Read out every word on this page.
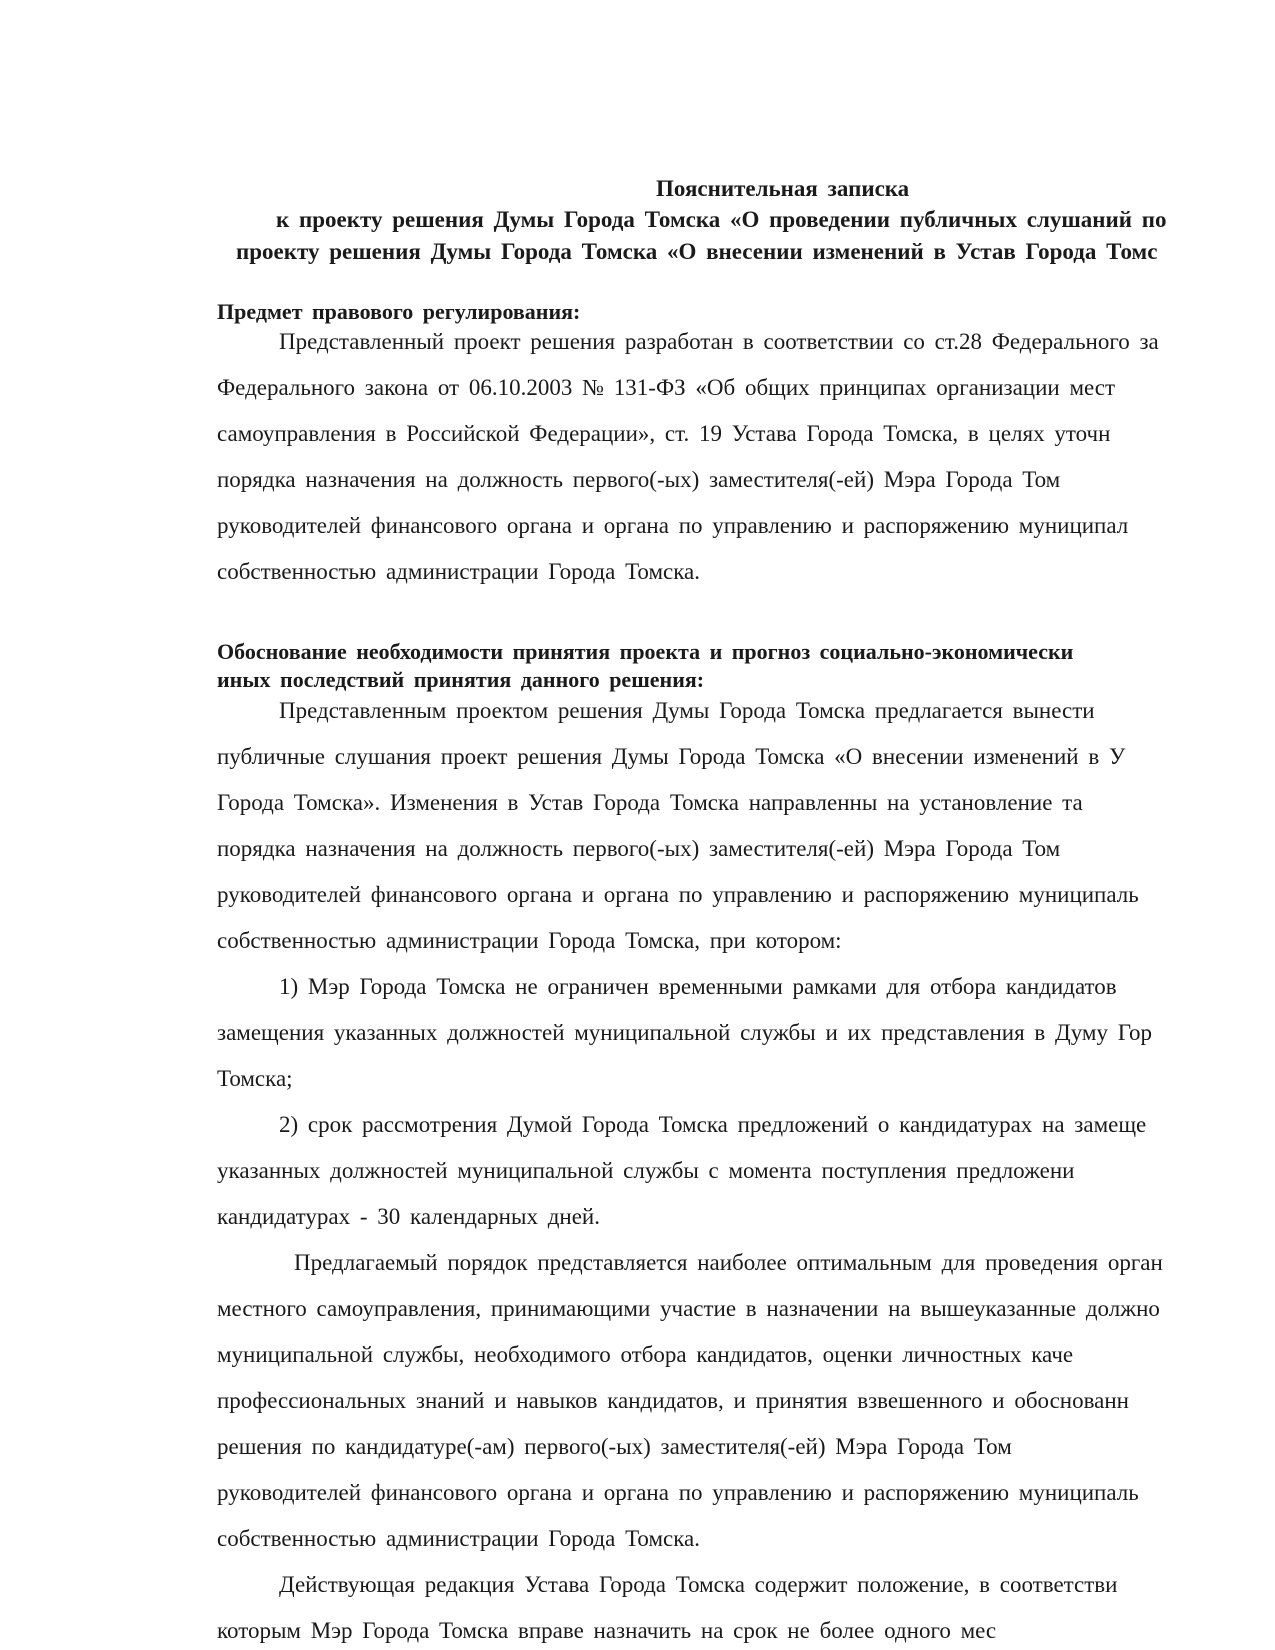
Пояснительная записка
к проекту решения Думы Города Томска «О проведении публичных слушаний по
проекту решения Думы Города Томска «О внесении изменений в Устав Города Томс
Предмет правового регулирования:
Представленный проект решения разработан в соответствии со ст.28 Федерального за
Федерального закона от 06.10.2003 № 131-ФЗ «Об общих принципах организации мест
самоуправления в Российской Федерации», ст. 19 Устава Города Томска, в целях уточн
порядка назначения на должность первого(-ых) заместителя(-ей) Мэра Города Том
руководителей финансового органа и органа по управлению и распоряжению муниципал
собственностью администрации Города Томска.
Обоснование необходимости принятия проекта и прогноз социально-экономически
иных последствий принятия данного решения:
Представленным проектом решения Думы Города Томска предлагается вынести
публичные слушания проект решения Думы Города Томска «О внесении изменений в У
Города Томска». Изменения в Устав Города Томска направленны на установление та
порядка назначения на должность первого(-ых) заместителя(-ей) Мэра Города Том
руководителей финансового органа и органа по управлению и распоряжению муниципаль
собственностью администрации Города Томска, при котором:
1) Мэр Города Томска не ограничен временными рамками для отбора кандидатов
замещения указанных должностей муниципальной службы и их представления в Думу Гор
Томска;
2) срок рассмотрения Думой Города Томска предложений о кандидатурах на замеще
указанных должностей муниципальной службы с момента поступления предложени
кандидатурах - 30 календарных дней.
Предлагаемый порядок представляется наиболее оптимальным для проведения орган
местного самоуправления, принимающими участие в назначении на вышеуказанные должно
муниципальной службы, необходимого отбора кандидатов, оценки личностных каче
профессиональных знаний и навыков кандидатов, и принятия взвешенного и обоснованн
решения по кандидатуре(-ам) первого(-ых) заместителя(-ей) Мэра Города Том
руководителей финансового органа и органа по управлению и распоряжению муниципаль
собственностью администрации Города Томска.
Действующая редакция Устава Города Томска содержит положение, в соответстви
которым Мэр Города Томска вправе назначить на срок не более одного мес
